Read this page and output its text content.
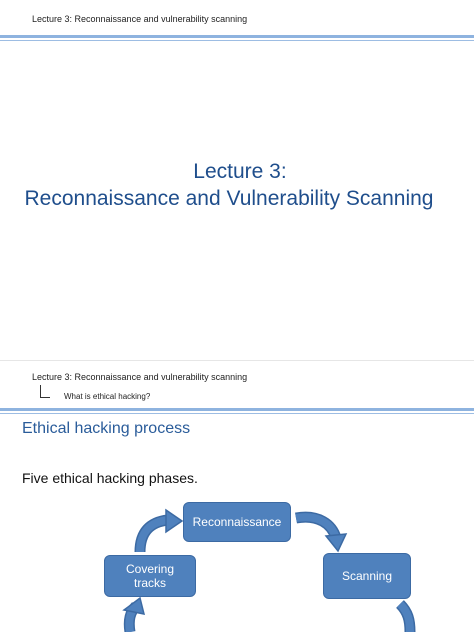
Lecture 3: Reconnaissance and vulnerability scanning
Lecture 3:
Reconnaissance and Vulnerability Scanning
Lecture 3: Reconnaissance and vulnerability scanning
What is ethical hacking?
Ethical hacking process
Five ethical hacking phases.
Reconnaissance
Covering
tracks	Scanning
